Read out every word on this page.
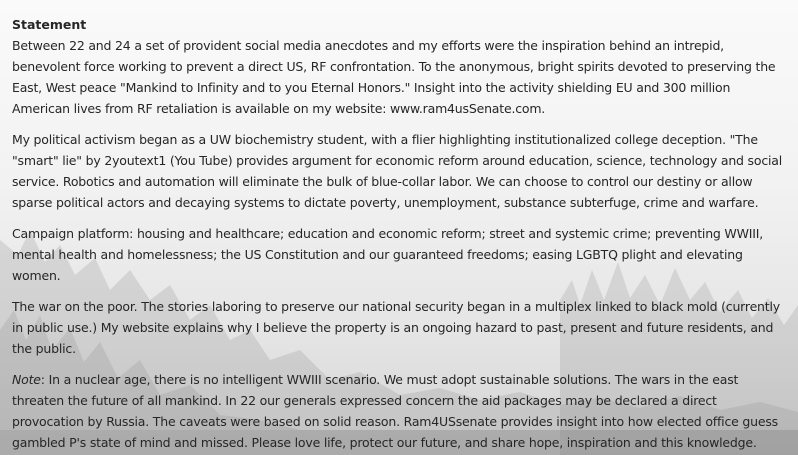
Statement

Between 22 and 24 a set of provident social media anecdotes and my efforts were the inspiration behind an intrepid, benevolent force working to prevent a direct US, RF confrontation. To the anonymous, bright spirits devoted to preserving the East, West peace "Mankind to Infinity and to you Eternal Honors." Insight into the activity shielding EU and 300 million American lives from RF retaliation is available on my website: www.ram4usSenate.com.

My political activism began as a UW biochemistry student, with a flier highlighting institutionalized college deception. "The "smart" lie" by 2youtext1 (You Tube) provides argument for economic reform around education, science, technology and social service. Robotics and automation will eliminate the bulk of blue-collar labor. We can choose to control our destiny or allow sparse political actors and decaying systems to dictate poverty, unemployment, substance subterfuge, crime and warfare.

Campaign platform: housing and healthcare; education and economic reform; street and systemic crime; preventing WWIII, mental health and homelessness; the US Constitution and our guaranteed freedoms; easing LGBTQ plight and elevating women.

The war on the poor. The stories laboring to preserve our national security began in a multiplex linked to black mold (currently in public use.) My website explains why I believe the property is an ongoing hazard to past, present and future residents, and the public.

Note: In a nuclear age, there is no intelligent WWIII scenario. We must adopt sustainable solutions. The wars in the east threaten the future of all mankind. In 22 our generals expressed concern the aid packages may be declared a direct provocation by Russia. The caveats were based on solid reason. Ram4USsenate provides insight into how elected office guess gambled P's state of mind and missed. Please love life, protect our future, and share hope, inspiration and this knowledge.
